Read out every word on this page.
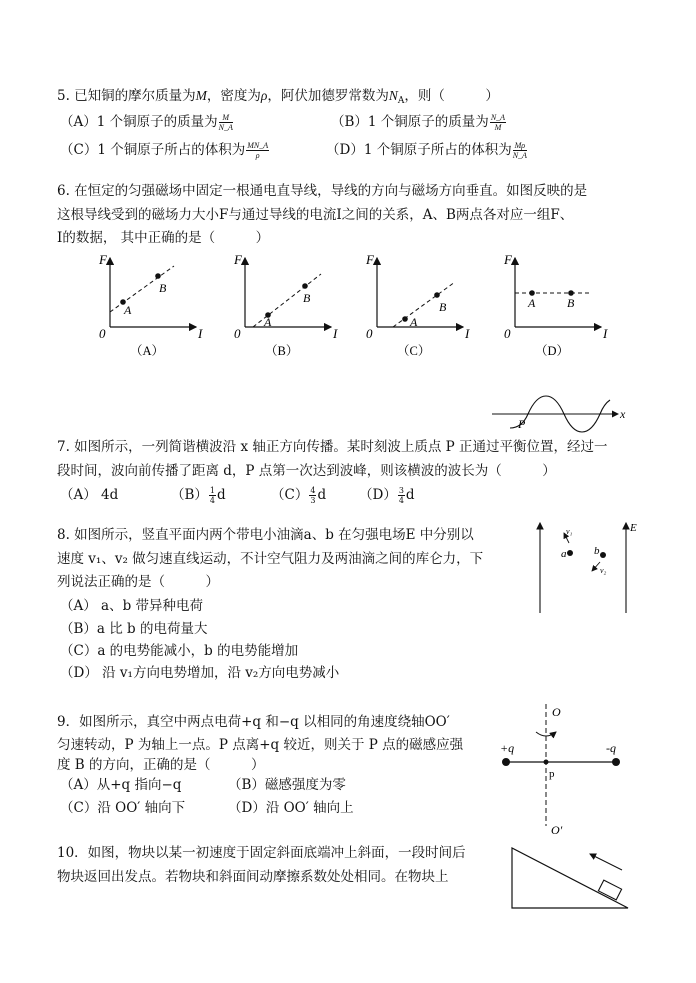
5. 已知铜的摩尔质量为M，密度为ρ，阿伏加德罗常数为$N_A$，则（　　　）
（A）1 个铜原子的质量为 $\frac{M}{N\_A}$	（B）1 个铜原子的质量为 $\frac{N\_A}{M}$
（C）1 个铜原子所占的体积为 $\frac{MN\_A}{\rho}$	（D）1 个铜原子所占的体积为 $\frac{M\rho}{N\_A}$
6. 在恒定的匀强磁场中固定一根通电直导线，导线的方向与磁场方向垂直。如图反映的是
这根导线受到的磁场力大小F与通过导线的电流I之间的关系，A、B两点各对应一组F、
I的数据， 其中正确的是（　　　）
F
I
0
A
B
（A）
F
I
0
A
B
（B）
F
I
0
A
B
（C）
F
I
0
A	B
（D）
x
P
7. 如图所示，一列简谐横波沿 x 轴正方向传播。某时刻波上质点 P 正通过平衡位置，经过一
段时间，波向前传播了距离 d，P 点第一次达到波峰，则该横波的波长为（　　　）
（A） 4d	$(B) \frac{1}{4}$ d	$(C) \frac{4}{3}$ d $(D) \frac{3}{4}$ d
8. 如图所示，竖直平面内两个带电小油滴a、b 在匀强电场E 中分别以
速度 v₁、v₂ 做匀速直线运动，不计空气阻力及两油滴之间的库仑力，下
列说法正确的是（　　　）
（A） a、b 带异种电荷
（B）a 比 b 的电荷量大
（C）a 的电势能减小，b 的电势能增加
（D） 沿 v₁方向电势增加，沿 v₂方向电势减小
E
a
v₁
b
v₂
9．如图所示，真空中两点电荷+q 和−q 以相同的角速度绕轴OO′
匀速转动，P 为轴上一点。P 点离+q 较近，则关于 P 点的磁感应强
度 B 的方向，正确的是（　　　）
（A）从+q 指向−q	（B）磁感强度为零
（C）沿 OO′ 轴向下	（D）沿 OO′ 轴向上
+q	-q
O
O′
p
10．如图，物块以某一初速度于固定斜面底端冲上斜面，一段时间后
物块返回出发点。若物块和斜面间动摩擦系数处处相同。在物块上
